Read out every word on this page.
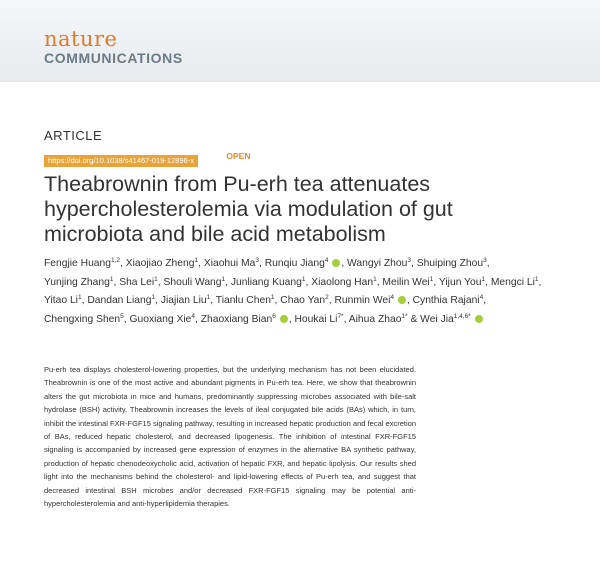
nature
COMMUNICATIONS
ARTICLE
https://doi.org/10.1038/s41467-019-12896-x	OPEN
Theabrownin from Pu-erh tea attenuates
hypercholesterolemia via modulation of gut
microbiota and bile acid metabolism
Fengjie Huang$^{1,2}$, Xiaojiao Zheng$^1$, Xiaohui Ma$^3$, Runqiu Jiang$^4$ , Wangyi Zhou$^3$, Shuiping Zhou$^3$,
Yunjing Zhang$^1$, Sha Lei$^1$, Shouli Wang$^1$, Junliang Kuang$^1$, Xiaolong Han$^1$, Meilin Wei$^1$, Yijun You$^1$, Mengci Li$^1$,
Yitao Li$^1$, Dandan Liang$^1$, Jiajian Liu$^1$, Tianlu Chen$^1$, Chao Yan$^2$, Runmin Wei$^4$ , Cynthia Rajani$^4$,
Chengxing Shen$^5$, Guoxiang Xie$^4$, Zhaoxiang Bian$^6$ , Houkai $Li^{7*}$, Aihua Zhao$^{1*}$ & Wei Jia$^{1,4,6*}$
Pu-erh tea displays cholesterol-lowering properties, but the underlying mechanism has not been elucidated. Theabrownin is one of the most active and abundant pigments in Pu-erh tea. Here, we show that theabrownin alters the gut microbiota in mice and humans, predominantly suppressing microbes associated with bile-salt hydrolase (BSH) activity. Theabrownin increases the levels of ileal conjugated bile acids (BAs) which, in turn, inhibit the intestinal FXR-FGF15 signaling pathway, resulting in increased hepatic production and fecal excretion of BAs, reduced hepatic cholesterol, and decreased lipogenesis. The inhibition of intestinal FXR-FGF15 signaling is accompanied by increased gene expression of enzymes in the alternative BA synthetic pathway, production of hepatic chenodeoxycholic acid, activation of hepatic FXR, and hepatic lipolysis. Our results shed light into the mechanisms behind the cholesterol- and lipid-lowering effects of Pu-erh tea, and suggest that decreased intestinal BSH microbes and/or decreased FXR-FGF15 signaling may be potential anti-hypercholesterolemia and anti-hyperlipidemia therapies.
